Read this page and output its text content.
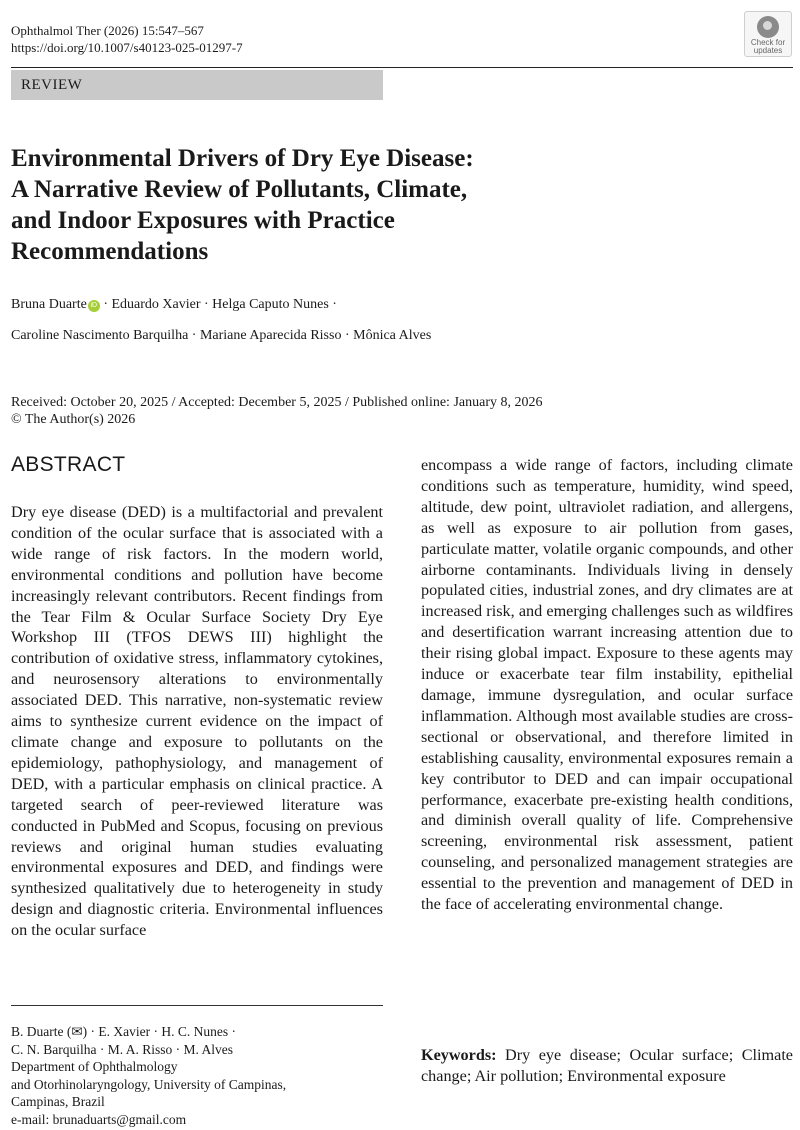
Ophthalmol Ther (2026) 15:547–567
https://doi.org/10.1007/s40123-025-01297-7	Check for
updates
REVIEW
Environmental Drivers of Dry Eye Disease:
A Narrative Review of Pollutants, Climate,
and Indoor Exposures with Practice
Recommendations
Bruna Duarte iD · Eduardo Xavier · Helga Caputo Nunes ·
Caroline Nascimento Barquilha · Mariane Aparecida Risso · Mônica Alves
Received: October 20, 2025 / Accepted: December 5, 2025 / Published online: January 8, 2026
© The Author(s) 2026
ABSTRACT

Dry eye disease (DED) is a multifactorial and prevalent condition of the ocular surface that is associated with a wide range of risk factors. In the modern world, environmental conditions and pollution have become increasingly relevant contributors. Recent findings from the Tear Film & Ocular Surface Society Dry Eye Workshop III (TFOS DEWS III) highlight the contribution of oxidative stress, inflammatory cytokines, and neurosensory alterations to environmentally associated DED. This narrative, non-systematic review aims to synthesize current evidence on the impact of climate change and exposure to pollutants on the epidemiology, pathophysiology, and management of DED, with a particular emphasis on clinical practice. A targeted search of peer-reviewed literature was conducted in PubMed and Scopus, focusing on previous reviews and original human studies evaluating environmental exposures and DED, and findings were synthesized qualitatively due to heterogeneity in study design and diagnostic criteria. Environmental influences on the ocular surface

encompass a wide range of factors, including climate conditions such as temperature, humidity, wind speed, altitude, dew point, ultraviolet radiation, and allergens, as well as exposure to air pollution from gases, particulate matter, volatile organic compounds, and other airborne contaminants. Individuals living in densely populated cities, industrial zones, and dry climates are at increased risk, and emerging challenges such as wildfires and desertification warrant increasing attention due to their rising global impact. Exposure to these agents may induce or exacerbate tear film instability, epithelial damage, immune dysregulation, and ocular surface inflammation. Although most available studies are cross-sectional or observational, and therefore limited in establishing causality, environmental exposures remain a key contributor to DED and can impair occupational performance, exacerbate pre-existing health conditions, and diminish overall quality of life. Comprehensive screening, environmental risk assessment, patient counseling, and personalized management strategies are essential to the prevention and management of DED in the face of accelerating environmental change.

B. Duarte (✉) · E. Xavier · H. C. Nunes ·
C. N. Barquilha · M. A. Risso · M. Alves
Department of Ophthalmology
and Otorhinolaryngology, University of Campinas,
Campinas, Brazil
e-mail: brunaduarts@gmail.com
Keywords: Dry eye disease; Ocular surface; Climate change; Air pollution; Environmental exposure
